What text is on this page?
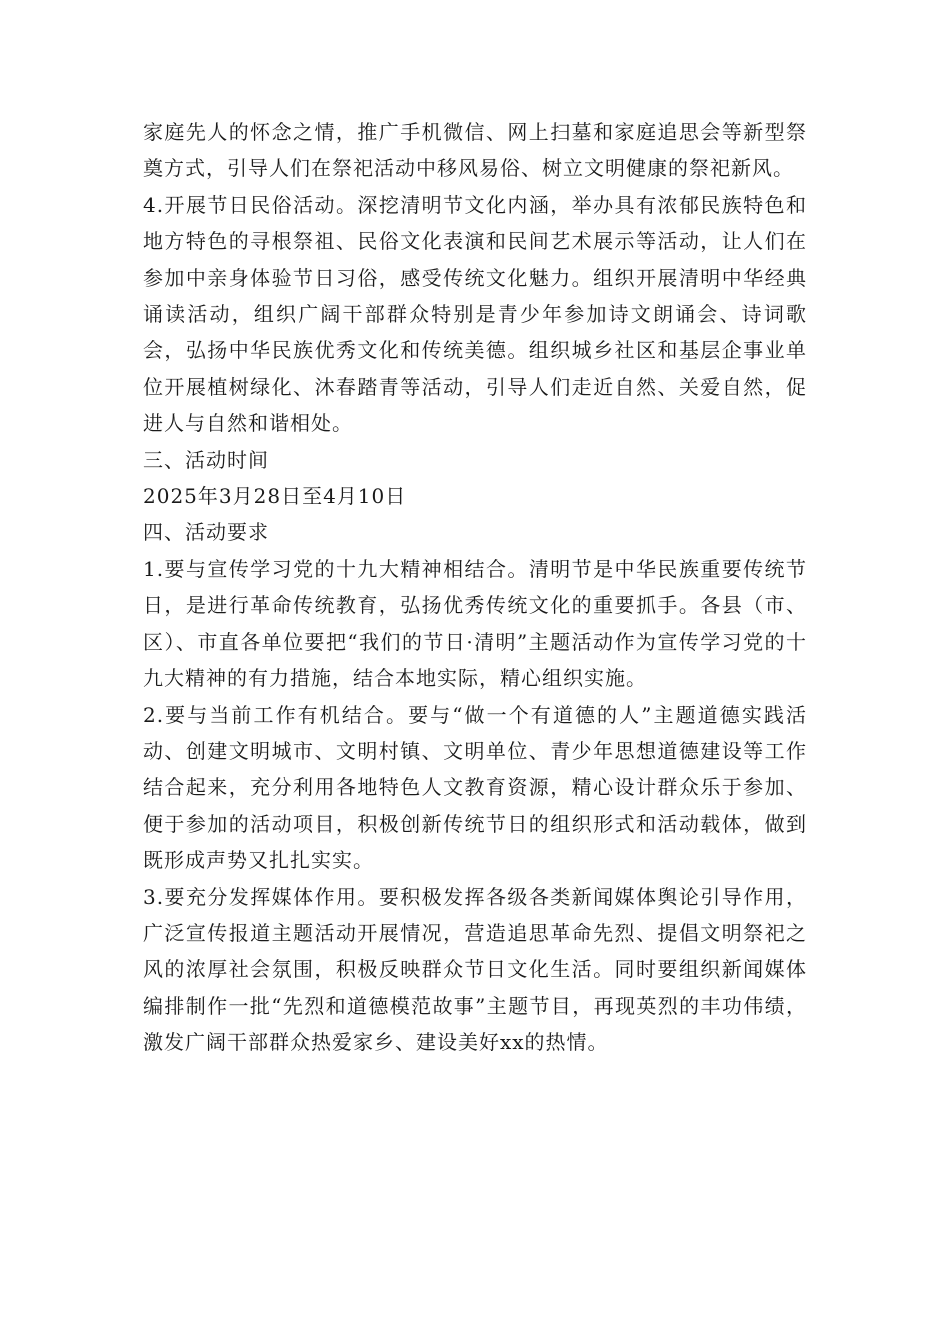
家庭先人的怀念之情，推广手机微信、网上扫墓和家庭追思会等新型祭奠方式，引导人们在祭祀活动中移风易俗、树立文明健康的祭祀新风。

4.开展节日民俗活动。深挖清明节文化内涵，举办具有浓郁民族特色和地方特色的寻根祭祖、民俗文化表演和民间艺术展示等活动，让人们在参加中亲身体验节日习俗，感受传统文化魅力。组织开展清明中华经典诵读活动，组织广阔干部群众特别是青少年参加诗文朗诵会、诗词歌会，弘扬中华民族优秀文化和传统美德。组织城乡社区和基层企事业单位开展植树绿化、沐春踏青等活动，引导人们走近自然、关爱自然，促进人与自然和谐相处。

三、活动时间

2025年3月28日至4月10日

四、活动要求

1.要与宣传学习党的十九大精神相结合。清明节是中华民族重要传统节日，是进行革命传统教育，弘扬优秀传统文化的重要抓手。各县（市、区）、市直各单位要把“我们的节日·清明”主题活动作为宣传学习党的十九大精神的有力措施，结合本地实际，精心组织实施。

2.要与当前工作有机结合。要与“做一个有道德的人”主题道德实践活动、创建文明城市、文明村镇、文明单位、青少年思想道德建设等工作结合起来，充分利用各地特色人文教育资源，精心设计群众乐于参加、便于参加的活动项目，积极创新传统节日的组织形式和活动载体，做到既形成声势又扎扎实实。

3.要充分发挥媒体作用。要积极发挥各级各类新闻媒体舆论引导作用，广泛宣传报道主题活动开展情况，营造追思革命先烈、提倡文明祭祀之风的浓厚社会氛围，积极反映群众节日文化生活。同时要组织新闻媒体编排制作一批“先烈和道德模范故事”主题节目，再现英烈的丰功伟绩，激发广阔干部群众热爱家乡、建设美好xx的热情。
